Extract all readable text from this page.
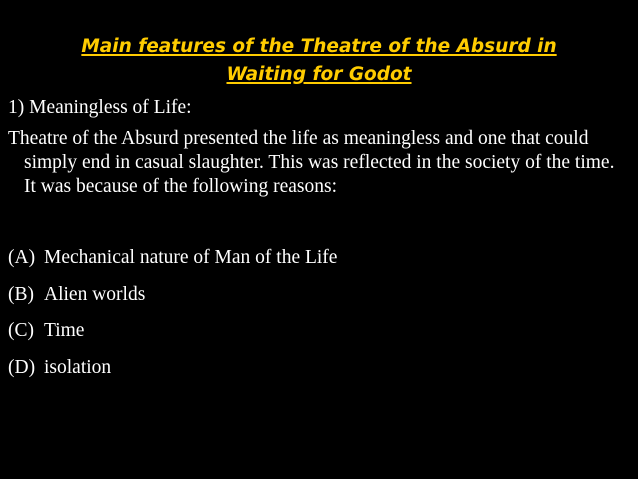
Main features of the Theatre of the Absurd in
Waiting for Godot

1) Meaningless of Life:

Theatre of the Absurd presented the life as meaningless and one that could simply end in casual slaughter. This was reflected in the society of the time. It was because of the following reasons:

(A) Mechanical nature of Man of the Life
(B) Alien worlds
(C) Time
(D) isolation
